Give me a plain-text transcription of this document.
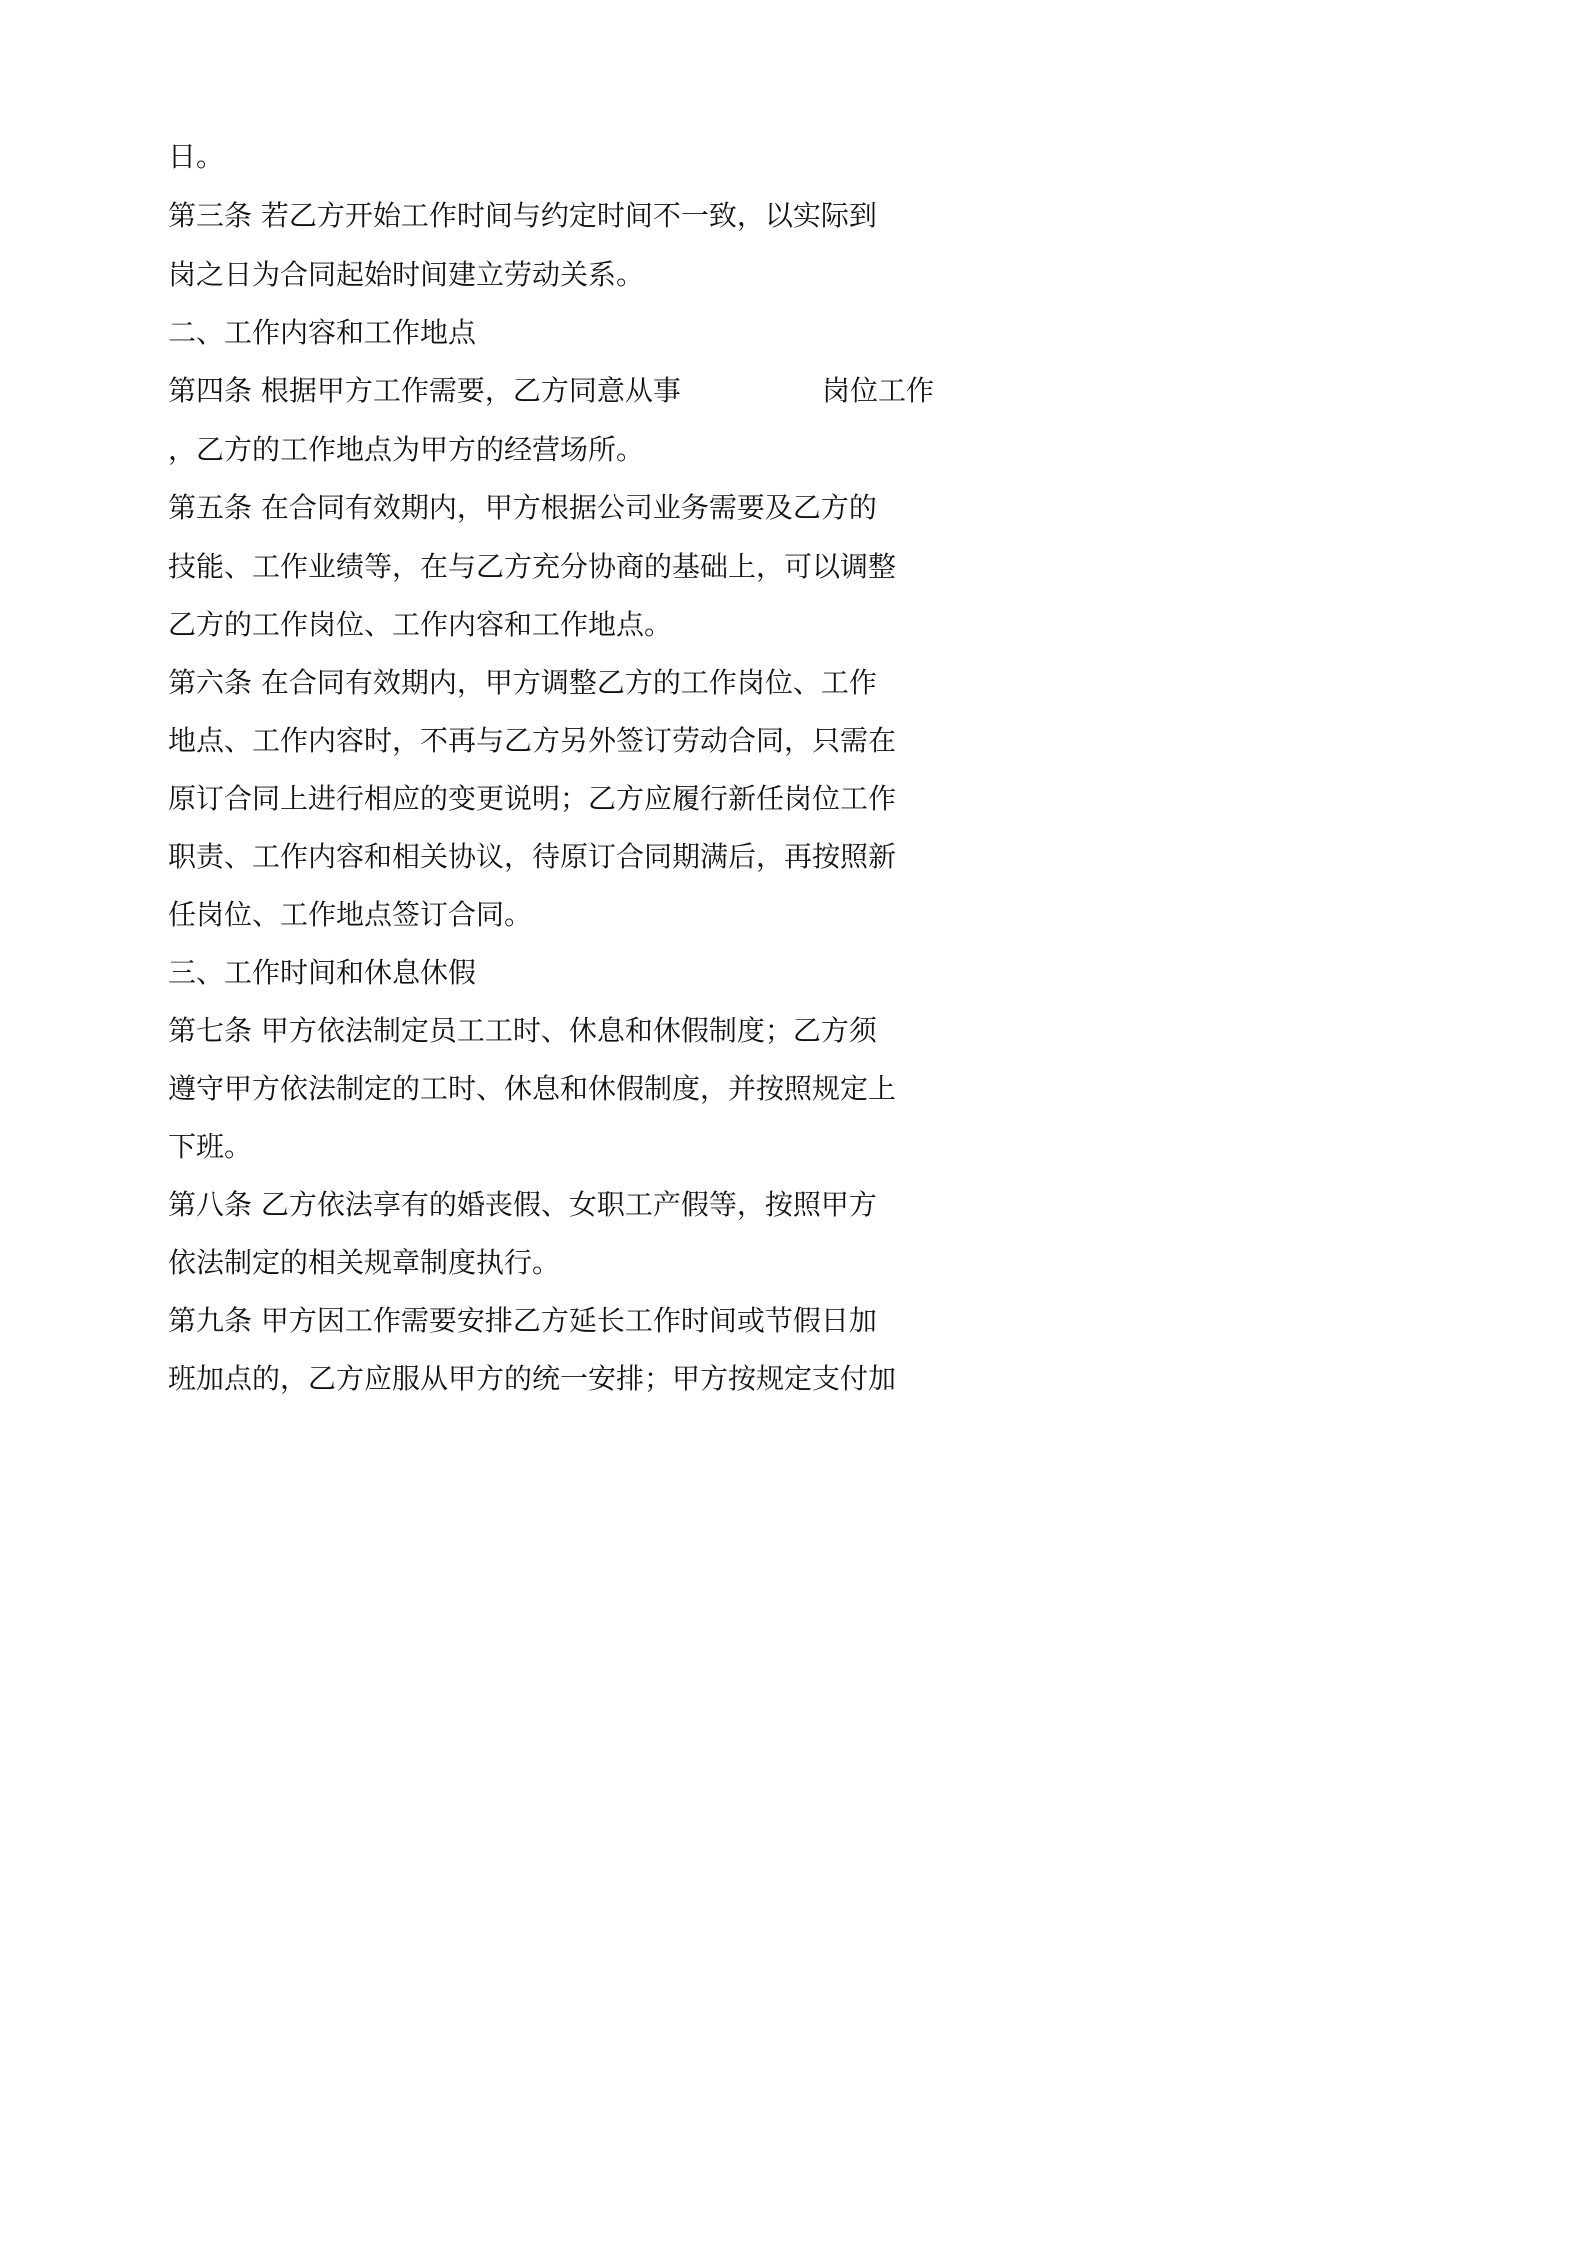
日。
第三条 若乙方开始工作时间与约定时间不一致，以实际到
岗之日为合同起始时间建立劳动关系。
二、工作内容和工作地点
第四条 根据甲方工作需要，乙方同意从事	岗位工作
，乙方的工作地点为甲方的经营场所。
第五条 在合同有效期内，甲方根据公司业务需要及乙方的
技能、工作业绩等，在与乙方充分协商的基础上，可以调整
乙方的工作岗位、工作内容和工作地点。
第六条 在合同有效期内，甲方调整乙方的工作岗位、工作
地点、工作内容时，不再与乙方另外签订劳动合同，只需在
原订合同上进行相应的变更说明；乙方应履行新任岗位工作
职责、工作内容和相关协议，待原订合同期满后，再按照新
任岗位、工作地点签订合同。
三、工作时间和休息休假
第七条 甲方依法制定员工工时、休息和休假制度；乙方须
遵守甲方依法制定的工时、休息和休假制度，并按照规定上
下班。
第八条 乙方依法享有的婚丧假、女职工产假等，按照甲方
依法制定的相关规章制度执行。
第九条 甲方因工作需要安排乙方延长工作时间或节假日加
班加点的，乙方应服从甲方的统一安排；甲方按规定支付加
